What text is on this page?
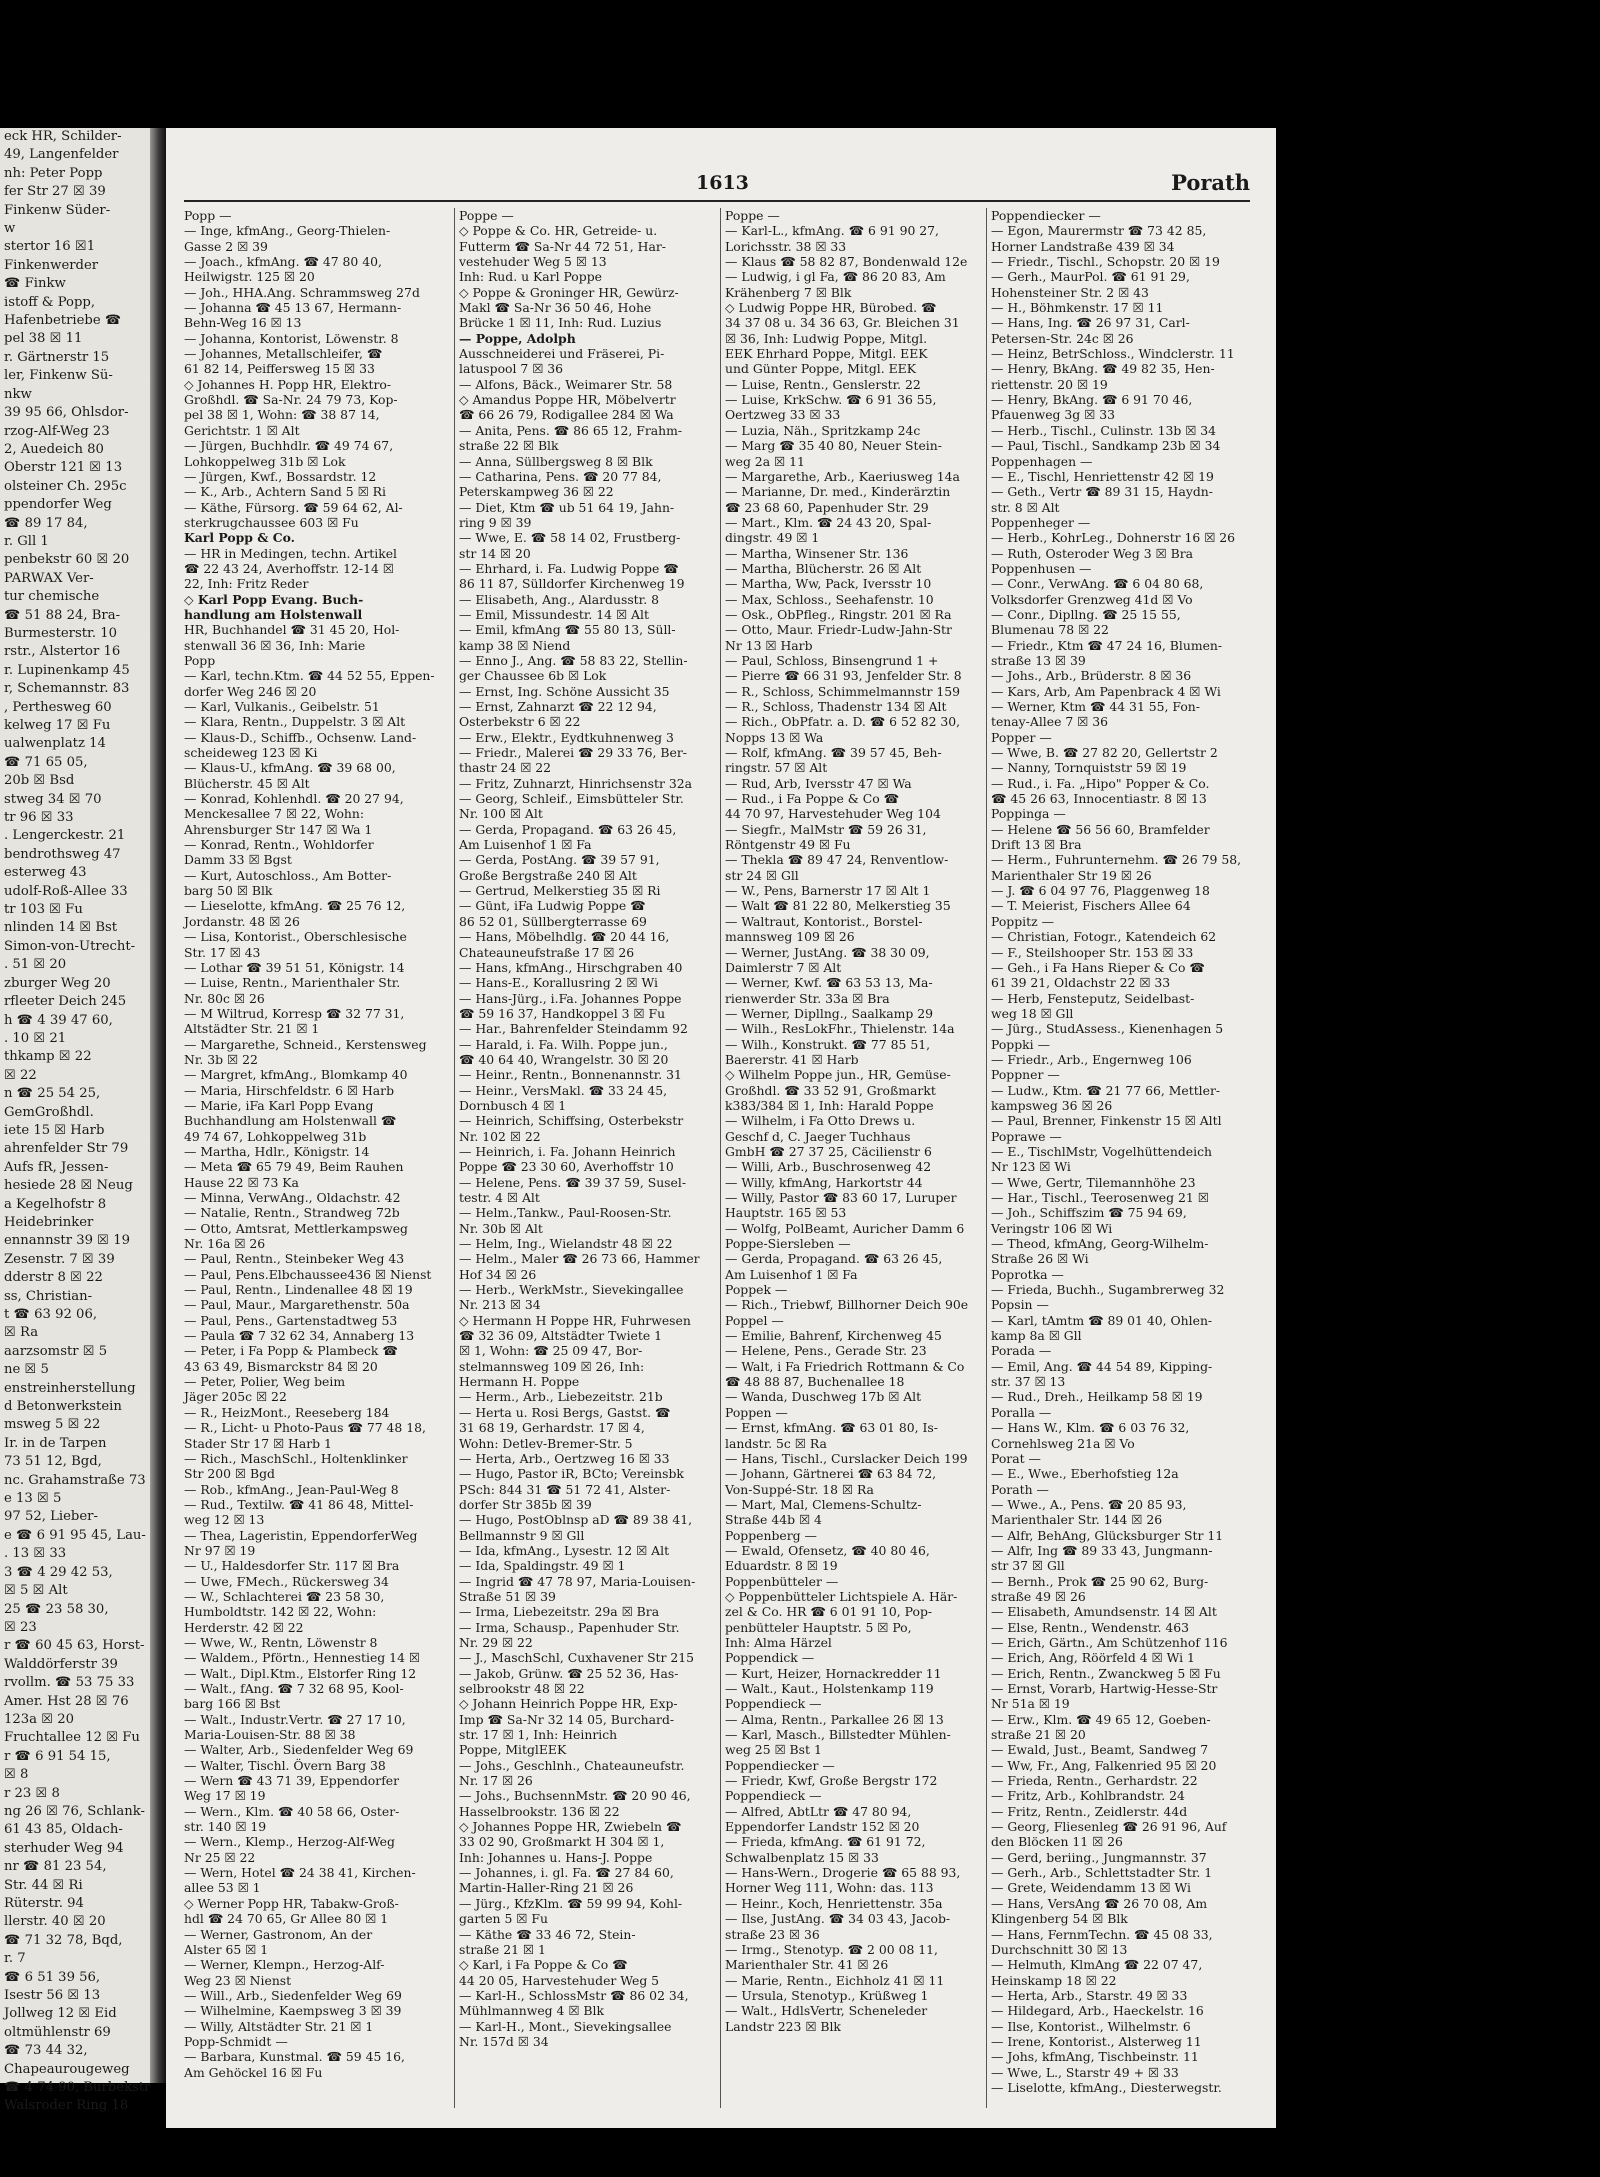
eck HR, Schilder-
49, Langenfelder
nh: Peter Popp
fer Str 27 ☒ 39
Finkenw Süder-
w
stertor 16 ☒1
Finkenwerder
☎ Finkw
istoff & Popp,
Hafenbetriebe ☎
pel 38 ☒ 11
r. Gärtnerstr 15
ler, Finkenw Sü-
nkw
39 95 66, Ohlsdor-
rzog-Alf-Weg 23
2, Auedeich 80
Oberstr 121 ☒ 13
olsteiner Ch. 295c
ppendorfer Weg
☎ 89 17 84,
r. Gll 1
penbekstr 60 ☒ 20
PARWAX Ver-
tur chemische
☎ 51 88 24, Bra-
Burmesterstr. 10
rstr., Alstertor 16
r. Lupinenkamp 45
r, Schemannstr. 83
, Perthesweg 60
kelweg 17 ☒ Fu
ualwenplatz 14
☎ 71 65 05,
20b ☒ Bsd
stweg 34 ☒ 70
tr 96 ☒ 33
. Lengerckestr. 21
bendrothsweg 47
esterweg 43
udolf-Roß-Allee 33
tr 103 ☒ Fu
nlinden 14 ☒ Bst
Simon-von-Utrecht-
. 51 ☒ 20
zburger Weg 20
rfleeter Deich 245
h ☎ 4 39 47 60,
. 10 ☒ 21
thkamp ☒ 22
☒ 22
n ☎ 25 54 25,
GemGroßhdl.
iete 15 ☒ Harb
ahrenfelder Str 79
Aufs fR, Jessen-
hesiede 28 ☒ Neug
a Kegelhofstr 8
Heidebrinker
ennannstr 39 ☒ 19
Zesenstr. 7 ☒ 39
dderstr 8 ☒ 22
ss, Christian-
t ☎ 63 92 06,
☒ Ra
aarzsomstr ☒ 5
ne ☒ 5
enstreinherstellung
d Betonwerkstein
msweg 5 ☒ 22
Ir. in de Tarpen
73 51 12, Bgd,
nc. Grahamstraße 73
e 13 ☒ 5
97 52, Lieber-
e ☎ 6 91 95 45, Lau-
. 13 ☒ 33
3 ☎ 4 29 42 53,
☒ 5 ☒ Alt
25 ☎ 23 58 30,
☒ 23
r ☎ 60 45 63, Horst-
Walddörferstr 39
rvollm. ☎ 53 75 33
Amer. Hst 28 ☒ 76
123a ☒ 20
Fruchtallee 12 ☒ Fu
r ☎ 6 91 54 15,
☒ 8
r 23 ☒ 8
ng 26 ☒ 76, Schlank-
61 43 85, Oldach-
sterhuder Weg 94
nr ☎ 81 23 54,
Str. 44 ☒ Ri
Rüterstr. 94
llerstr. 40 ☒ 20
☎ 71 32 78, Bqd,
r. 7
☎ 6 51 39 56,
Isestr 56 ☒ 13
Jollweg 12 ☒ Eid
oltmühlenstr 69
☎ 73 44 32,
Chapeaurougeweg
☎ 4 74 90, Burbekstr
Walsroder Ring 18
1613	Porath
Popp —
— Inge, kfmAng., Georg-Thielen-
Gasse 2 ☒ 39
— Joach., kfmAng. ☎ 47 80 40,
Heilwigstr. 125 ☒ 20
— Joh., HHA.Ang. Schrammsweg 27d
— Johanna ☎ 45 13 67, Hermann-
Behn-Weg 16 ☒ 13
— Johanna, Kontorist, Löwenstr. 8
— Johannes, Metallschleifer, ☎
61 82 14, Peiffersweg 15 ☒ 33
◇ Johannes H. Popp HR, Elektro-
Großhdl. ☎ Sa-Nr. 24 79 73, Kop-
pel 38 ☒ 1, Wohn: ☎ 38 87 14,
Gerichtstr. 1 ☒ Alt
— Jürgen, Buchhdlr. ☎ 49 74 67,
Lohkoppelweg 31b ☒ Lok
— Jürgen, Kwf., Bossardstr. 12
— K., Arb., Achtern Sand 5 ☒ Ri
— Käthe, Fürsorg. ☎ 59 64 62, Al-
sterkrugchaussee 603 ☒ Fu
Karl Popp & Co.
— HR in Medingen, techn. Artikel
☎ 22 43 24, Averhoffstr. 12-14 ☒
22, Inh: Fritz Reder
◇ Karl Popp Evang. Buch-
handlung am Holstenwall
HR, Buchhandel ☎ 31 45 20, Hol-
stenwall 36 ☒ 36, Inh: Marie
Popp
— Karl, techn.Ktm. ☎ 44 52 55, Eppen-
dorfer Weg 246 ☒ 20
— Karl, Vulkanis., Geibelstr. 51
— Klara, Rentn., Duppelstr. 3 ☒ Alt
— Klaus-D., Schiffb., Ochsenw. Land-
scheideweg 123 ☒ Ki
— Klaus-U., kfmAng. ☎ 39 68 00,
Blücherstr. 45 ☒ Alt
— Konrad, Kohlenhdl. ☎ 20 27 94,
Menckesallee 7 ☒ 22, Wohn:
Ahrensburger Str 147 ☒ Wa 1
— Konrad, Rentn., Wohldorfer
Damm 33 ☒ Bgst
— Kurt, Autoschloss., Am Botter-
barg 50 ☒ Blk
— Lieselotte, kfmAng. ☎ 25 76 12,
Jordanstr. 48 ☒ 26
— Lisa, Kontorist., Oberschlesische
Str. 17 ☒ 43
— Lothar ☎ 39 51 51, Königstr. 14
— Luise, Rentn., Marienthaler Str.
Nr. 80c ☒ 26
— M Wiltrud, Korresp ☎ 32 77 31,
Altstädter Str. 21 ☒ 1
— Margarethe, Schneid., Kerstensweg
Nr. 3b ☒ 22
— Margret, kfmAng., Blomkamp 40
— Maria, Hirschfeldstr. 6 ☒ Harb
— Marie, iFa Karl Popp Evang
Buchhandlung am Holstenwall ☎
49 74 67, Lohkoppelweg 31b
— Martha, Hdlr., Königstr. 14
— Meta ☎ 65 79 49, Beim Rauhen
Hause 22 ☒ 73 Ka
— Minna, VerwAng., Oldachstr. 42
— Natalie, Rentn., Strandweg 72b
— Otto, Amtsrat, Mettlerkampsweg
Nr. 16a ☒ 26
— Paul, Rentn., Steinbeker Weg 43
— Paul, Pens.Elbchaussee436 ☒ Nienst
— Paul, Rentn., Lindenallee 48 ☒ 19
— Paul, Maur., Margarethenstr. 50a
— Paul, Pens., Gartenstadtweg 53
— Paula ☎ 7 32 62 34, Annaberg 13
— Peter, i Fa Popp & Plambeck ☎
43 63 49, Bismarckstr 84 ☒ 20
— Peter, Polier, Weg beim
Jäger 205c ☒ 22
— R., HeizMont., Reeseberg 184
— R., Licht- u Photo-Paus ☎ 77 48 18,
Stader Str 17 ☒ Harb 1
— Rich., MaschSchl., Holtenklinker
Str 200 ☒ Bgd
— Rob., kfmAng., Jean-Paul-Weg 8
— Rud., Textilw. ☎ 41 86 48, Mittel-
weg 12 ☒ 13
— Thea, Lageristin, EppendorferWeg
Nr 97 ☒ 19
— U., Haldesdorfer Str. 117 ☒ Bra
— Uwe, FMech., Rückersweg 34
— W., Schlachterei ☎ 23 58 30,
Humboldtstr. 142 ☒ 22, Wohn:
Herderstr. 42 ☒ 22
— Wwe, W., Rentn, Löwenstr 8
— Waldem., Pförtn., Hennestieg 14 ☒
— Walt., Dipl.Ktm., Elstorfer Ring 12
— Walt., fAng. ☎ 7 32 68 95, Kool-
barg 166 ☒ Bst
— Walt., Industr.Vertr. ☎ 27 17 10,
Maria-Louisen-Str. 88 ☒ 38
— Walter, Arb., Siedenfelder Weg 69
— Walter, Tischl. Övern Barg 38
— Wern ☎ 43 71 39, Eppendorfer
Weg 17 ☒ 19
— Wern., Klm. ☎ 40 58 66, Oster-
str. 140 ☒ 19
— Wern., Klemp., Herzog-Alf-Weg
Nr 25 ☒ 22
— Wern, Hotel ☎ 24 38 41, Kirchen-
allee 53 ☒ 1
◇ Werner Popp HR, Tabakw-Groß-
hdl ☎ 24 70 65, Gr Allee 80 ☒ 1
— Werner, Gastronom, An der
Alster 65 ☒ 1
— Werner, Klempn., Herzog-Alf-
Weg 23 ☒ Nienst
— Will., Arb., Siedenfelder Weg 69
— Wilhelmine, Kaempsweg 3 ☒ 39
— Willy, Altstädter Str. 21 ☒ 1
Popp-Schmidt —
— Barbara, Kunstmal. ☎ 59 45 16,
Am Gehöckel 16 ☒ Fu
Poppe —
◇ Poppe & Co. HR, Getreide- u.
Futterm ☎ Sa-Nr 44 72 51, Har-
vestehuder Weg 5 ☒ 13
Inh: Rud. u Karl Poppe
◇ Poppe & Groninger HR, Gewürz-
Makl ☎ Sa-Nr 36 50 46, Hohe
Brücke 1 ☒ 11, Inh: Rud. Luzius
— Poppe, Adolph
Ausschneiderei und Fräserei, Pi-
latuspool 7 ☒ 36
— Alfons, Bäck., Weimarer Str. 58
◇ Amandus Poppe HR, Möbelvertr
☎ 66 26 79, Rodigallee 284 ☒ Wa
— Anita, Pens. ☎ 86 65 12, Frahm-
straße 22 ☒ Blk
— Anna, Süllbergsweg 8 ☒ Blk
— Catharina, Pens. ☎ 20 77 84,
Peterskampweg 36 ☒ 22
— Diet, Ktm ☎ ub 51 64 19, Jahn-
ring 9 ☒ 39
— Wwe, E. ☎ 58 14 02, Frustberg-
str 14 ☒ 20
— Ehrhard, i. Fa. Ludwig Poppe ☎
86 11 87, Sülldorfer Kirchenweg 19
— Elisabeth, Ang., Alardusstr. 8
— Emil, Missundestr. 14 ☒ Alt
— Emil, kfmAng ☎ 55 80 13, Süll-
kamp 38 ☒ Niend
— Enno J., Ang. ☎ 58 83 22, Stellin-
ger Chaussee 6b ☒ Lok
— Ernst, Ing. Schöne Aussicht 35
— Ernst, Zahnarzt ☎ 22 12 94,
Osterbekstr 6 ☒ 22
— Erw., Elektr., Eydtkuhnenweg 3
— Friedr., Malerei ☎ 29 33 76, Ber-
thastr 24 ☒ 22
— Fritz, Zuhnarzt, Hinrichsenstr 32a
— Georg, Schleif., Eimsbütteler Str.
Nr. 100 ☒ Alt
— Gerda, Propagand. ☎ 63 26 45,
Am Luisenhof 1 ☒ Fa
— Gerda, PostAng. ☎ 39 57 91,
Große Bergstraße 240 ☒ Alt
— Gertrud, Melkerstieg 35 ☒ Ri
— Günt, iFa Ludwig Poppe ☎
86 52 01, Süllbergterrasse 69
— Hans, Möbelhdlg. ☎ 20 44 16,
Chateauneufstraße 17 ☒ 26
— Hans, kfmAng., Hirschgraben 40
— Hans-E., Korallusring 2 ☒ Wi
— Hans-Jürg., i.Fa. Johannes Poppe
☎ 59 16 37, Handkoppel 3 ☒ Fu
— Har., Bahrenfelder Steindamm 92
— Harald, i. Fa. Wilh. Poppe jun.,
☎ 40 64 40, Wrangelstr. 30 ☒ 20
— Heinr., Rentn., Bonnenannstr. 31
— Heinr., VersMakl. ☎ 33 24 45,
Dornbusch 4 ☒ 1
— Heinrich, Schiffsing, Osterbekstr
Nr. 102 ☒ 22
— Heinrich, i. Fa. Johann Heinrich
Poppe ☎ 23 30 60, Averhoffstr 10
— Helene, Pens. ☎ 39 37 59, Susel-
testr. 4 ☒ Alt
— Helm.,Tankw., Paul-Roosen-Str.
Nr. 30b ☒ Alt
— Helm, Ing., Wielandstr 48 ☒ 22
— Helm., Maler ☎ 26 73 66, Hammer
Hof 34 ☒ 26
— Herb., WerkMstr., Sievekingallee
Nr. 213 ☒ 34
◇ Hermann H Poppe HR, Fuhrwesen
☎ 32 36 09, Altstädter Twiete 1
☒ 1, Wohn: ☎ 25 09 47, Bor-
stelmannsweg 109 ☒ 26, Inh:
Hermann H. Poppe
— Herm., Arb., Liebezeitstr. 21b
— Herta u. Rosi Bergs, Gastst. ☎
31 68 19, Gerhardstr. 17 ☒ 4,
Wohn: Detlev-Bremer-Str. 5
— Herta, Arb., Oertzweg 16 ☒ 33
— Hugo, Pastor iR, BCto; Vereinsbk
PSch: 844 31 ☎ 51 72 41, Alster-
dorfer Str 385b ☒ 39
— Hugo, PostOblnsp aD ☎ 89 38 41,
Bellmannstr 9 ☒ Gll
— Ida, kfmAng., Lysestr. 12 ☒ Alt
— Ida, Spaldingstr. 49 ☒ 1
— Ingrid ☎ 47 78 97, Maria-Louisen-
Straße 51 ☒ 39
— Irma, Liebezeitstr. 29a ☒ Bra
— Irma, Schausp., Papenhuder Str.
Nr. 29 ☒ 22
— J., MaschSchl, Cuxhavener Str 215
— Jakob, Grünw. ☎ 25 52 36, Has-
selbrookstr 48 ☒ 22
◇ Johann Heinrich Poppe HR, Exp-
Imp ☎ Sa-Nr 32 14 05, Burchard-
str. 17 ☒ 1, Inh: Heinrich
Poppe, MitglEEK
— Johs., Geschlnh., Chateauneufstr.
Nr. 17 ☒ 26
— Johs., BuchsennMstr. ☎ 20 90 46,
Hasselbrookstr. 136 ☒ 22
◇ Johannes Poppe HR, Zwiebeln ☎
33 02 90, Großmarkt H 304 ☒ 1,
Inh: Johannes u. Hans-J. Poppe
— Johannes, i. gl. Fa. ☎ 27 84 60,
Martin-Haller-Ring 21 ☒ 26
— Jürg., KfzKlm. ☎ 59 99 94, Kohl-
garten 5 ☒ Fu
— Käthe ☎ 33 46 72, Stein-
straße 21 ☒ 1
◇ Karl, i Fa Poppe & Co ☎
44 20 05, Harvestehuder Weg 5
— Karl-H., SchlossMstr ☎ 86 02 34,
Mühlmannweg 4 ☒ Blk
— Karl-H., Mont., Sievekingsallee
Nr. 157d ☒ 34
Poppe —
— Karl-L., kfmAng. ☎ 6 91 90 27,
Lorichsstr. 38 ☒ 33
— Klaus ☎ 58 82 87, Bondenwald 12e
— Ludwig, i gl Fa, ☎ 86 20 83, Am
Krähenberg 7 ☒ Blk
◇ Ludwig Poppe HR, Bürobed. ☎
34 37 08 u. 34 36 63, Gr. Bleichen 31
☒ 36, Inh: Ludwig Poppe, Mitgl.
EEK Ehrhard Poppe, Mitgl. EEK
und Günter Poppe, Mitgl. EEK
— Luise, Rentn., Genslerstr. 22
— Luise, KrkSchw. ☎ 6 91 36 55,
Oertzweg 33 ☒ 33
— Luzia, Näh., Spritzkamp 24c
— Marg ☎ 35 40 80, Neuer Stein-
weg 2a ☒ 11
— Margarethe, Arb., Kaeriusweg 14a
— Marianne, Dr. med., Kinderärztin
☎ 23 68 60, Papenhuder Str. 29
— Mart., Klm. ☎ 24 43 20, Spal-
dingstr. 49 ☒ 1
— Martha, Winsener Str. 136
— Martha, Blücherstr. 26 ☒ Alt
— Martha, Ww, Pack, Iversstr 10
— Max, Schloss., Seehafenstr. 10
— Osk., ObPfleg., Ringstr. 201 ☒ Ra
— Otto, Maur. Friedr-Ludw-Jahn-Str
Nr 13 ☒ Harb
— Paul, Schloss, Binsengrund 1 +
— Pierre ☎ 66 31 93, Jenfelder Str. 8
— R., Schloss, Schimmelmannstr 159
— R., Schloss, Thadenstr 134 ☒ Alt
— Rich., ObPfatr. a. D. ☎ 6 52 82 30,
Nopps 13 ☒ Wa
— Rolf, kfmAng. ☎ 39 57 45, Beh-
ringstr. 57 ☒ Alt
— Rud, Arb, Iversstr 47 ☒ Wa
— Rud., i Fa Poppe & Co ☎
44 70 97, Harvestehuder Weg 104
— Siegfr., MalMstr ☎ 59 26 31,
Röntgenstr 49 ☒ Fu
— Thekla ☎ 89 47 24, Renventlow-
str 24 ☒ Gll
— W., Pens, Barnerstr 17 ☒ Alt 1
— Walt ☎ 81 22 80, Melkerstieg 35
— Waltraut, Kontorist., Borstel-
mannsweg 109 ☒ 26
— Werner, JustAng. ☎ 38 30 09,
Daimlerstr 7 ☒ Alt
— Werner, Kwf. ☎ 63 53 13, Ma-
rienwerder Str. 33a ☒ Bra
— Werner, Dipllng., Saalkamp 29
— Wilh., ResLokFhr., Thielenstr. 14a
— Wilh., Konstrukt. ☎ 77 85 51,
Baererstr. 41 ☒ Harb
◇ Wilhelm Poppe jun., HR, Gemüse-
Großhdl. ☎ 33 52 91, Großmarkt
k383/384 ☒ 1, Inh: Harald Poppe
— Wilhelm, i Fa Otto Drews u.
Geschf d, C. Jaeger Tuchhaus
GmbH ☎ 27 37 25, Cäcilienstr 6
— Willi, Arb., Buschrosenweg 42
— Willy, kfmAng, Harkortstr 44
— Willy, Pastor ☎ 83 60 17, Luruper
Hauptstr. 165 ☒ 53
— Wolfg, PolBeamt, Auricher Damm 6
Poppe-Siersleben —
— Gerda, Propagand. ☎ 63 26 45,
Am Luisenhof 1 ☒ Fa
Poppek —
— Rich., Triebwf, Billhorner Deich 90e
Poppel —
— Emilie, Bahrenf, Kirchenweg 45
— Helene, Pens., Gerade Str. 23
— Walt, i Fa Friedrich Rottmann & Co
☎ 48 88 87, Buchenallee 18
— Wanda, Duschweg 17b ☒ Alt
Poppen —
— Ernst, kfmAng. ☎ 63 01 80, Is-
landstr. 5c ☒ Ra
— Hans, Tischl., Curslacker Deich 199
— Johann, Gärtnerei ☎ 63 84 72,
Von-Suppé-Str. 18 ☒ Ra
— Mart, Mal, Clemens-Schultz-
Straße 44b ☒ 4
Poppenberg —
— Ewald, Ofensetz, ☎ 40 80 46,
Eduardstr. 8 ☒ 19
Poppenbütteler —
◇ Poppenbütteler Lichtspiele A. Här-
zel & Co. HR ☎ 6 01 91 10, Pop-
penbütteler Hauptstr. 5 ☒ Po,
Inh: Alma Härzel
Poppendick —
— Kurt, Heizer, Hornackredder 11
— Walt., Kaut., Holstenkamp 119
Poppendieck —
— Alma, Rentn., Parkallee 26 ☒ 13
— Karl, Masch., Billstedter Mühlen-
weg 25 ☒ Bst 1
Poppendiecker —
— Friedr, Kwf, Große Bergstr 172
Poppendieck —
— Alfred, AbtLtr ☎ 47 80 94,
Eppendorfer Landstr 152 ☒ 20
— Frieda, kfmAng. ☎ 61 91 72,
Schwalbenplatz 15 ☒ 33
— Hans-Wern., Drogerie ☎ 65 88 93,
Horner Weg 111, Wohn: das. 113
— Heinr., Koch, Henriettenstr. 35a
— Ilse, JustAng. ☎ 34 03 43, Jacob-
straße 23 ☒ 36
— Irmg., Stenotyp. ☎ 2 00 08 11,
Marienthaler Str. 41 ☒ 26
— Marie, Rentn., Eichholz 41 ☒ 11
— Ursula, Stenotyp., Krüßweg 1
— Walt., HdlsVertr, Scheneleder
Landstr 223 ☒ Blk
Poppendiecker —
— Egon, Maurermstr ☎ 73 42 85,
Horner Landstraße 439 ☒ 34
— Friedr., Tischl., Schopstr. 20 ☒ 19
— Gerh., MaurPol. ☎ 61 91 29,
Hohensteiner Str. 2 ☒ 43
— H., Böhmkenstr. 17 ☒ 11
— Hans, Ing. ☎ 26 97 31, Carl-
Petersen-Str. 24c ☒ 26
— Heinz, BetrSchloss., Windclerstr. 11
— Henry, BkAng. ☎ 49 82 35, Hen-
riettenstr. 20 ☒ 19
— Henry, BkAng. ☎ 6 91 70 46,
Pfauenweg 3g ☒ 33
— Herb., Tischl., Culinstr. 13b ☒ 34
— Paul, Tischl., Sandkamp 23b ☒ 34
Poppenhagen —
— E., Tischl, Henriettenstr 42 ☒ 19
— Geth., Vertr ☎ 89 31 15, Haydn-
str. 8 ☒ Alt
Poppenheger —
— Herb., KohrLeg., Dohnerstr 16 ☒ 26
— Ruth, Osteroder Weg 3 ☒ Bra
Poppenhusen —
— Conr., VerwAng. ☎ 6 04 80 68,
Volksdorfer Grenzweg 41d ☒ Vo
— Conr., Dipllng. ☎ 25 15 55,
Blumenau 78 ☒ 22
— Friedr., Ktm ☎ 47 24 16, Blumen-
straße 13 ☒ 39
— Johs., Arb., Brüderstr. 8 ☒ 36
— Kars, Arb, Am Papenbrack 4 ☒ Wi
— Werner, Ktm ☎ 44 31 55, Fon-
tenay-Allee 7 ☒ 36
Popper —
— Wwe, B. ☎ 27 82 20, Gellertstr 2
— Nanny, Tornquiststr 59 ☒ 19
— Rud., i. Fa. „Hipo" Popper & Co.
☎ 45 26 63, Innocentiastr. 8 ☒ 13
Poppinga —
— Helene ☎ 56 56 60, Bramfelder
Drift 13 ☒ Bra
— Herm., Fuhrunternehm. ☎ 26 79 58,
Marienthaler Str 19 ☒ 26
— J. ☎ 6 04 97 76, Plaggenweg 18
— T. Meierist, Fischers Allee 64
Poppitz —
— Christian, Fotogr., Katendeich 62
— F., Steilshooper Str. 153 ☒ 33
— Geh., i Fa Hans Rieper & Co ☎
61 39 21, Oldachstr 22 ☒ 33
— Herb, Fensteputz, Seidelbast-
weg 18 ☒ Gll
— Jürg., StudAssess., Kienenhagen 5
Poppki —
— Friedr., Arb., Engernweg 106
Poppner —
— Ludw., Ktm. ☎ 21 77 66, Mettler-
kampsweg 36 ☒ 26
— Paul, Brenner, Finkenstr 15 ☒ Altl
Poprawe —
— E., TischlMstr, Vogelhüttendeich
Nr 123 ☒ Wi
— Wwe, Gertr, Tilemannhöhe 23
— Har., Tischl., Teerosenweg 21 ☒
— Joh., Schiffszim ☎ 75 94 69,
Veringstr 106 ☒ Wi
— Theod, kfmAng, Georg-Wilhelm-
Straße 26 ☒ Wi
Poprotka —
— Frieda, Buchh., Sugambrerweg 32
Popsin —
— Karl, tAmtm ☎ 89 01 40, Ohlen-
kamp 8a ☒ Gll
Porada —
— Emil, Ang. ☎ 44 54 89, Kipping-
str. 37 ☒ 13
— Rud., Dreh., Heilkamp 58 ☒ 19
Poralla —
— Hans W., Klm. ☎ 6 03 76 32,
Cornehlsweg 21a ☒ Vo
Porat —
— E., Wwe., Eberhofstieg 12a
Porath —
— Wwe., A., Pens. ☎ 20 85 93,
Marienthaler Str. 144 ☒ 26
— Alfr, BehAng, Glücksburger Str 11
— Alfr, Ing ☎ 89 33 43, Jungmann-
str 37 ☒ Gll
— Bernh., Prok ☎ 25 90 62, Burg-
straße 49 ☒ 26
— Elisabeth, Amundsenstr. 14 ☒ Alt
— Else, Rentn., Wendenstr. 463
— Erich, Gärtn., Am Schützenhof 116
— Erich, Ang, Röörfeld 4 ☒ Wi 1
— Erich, Rentn., Zwanckweg 5 ☒ Fu
— Ernst, Vorarb, Hartwig-Hesse-Str
Nr 51a ☒ 19
— Erw., Klm. ☎ 49 65 12, Goeben-
straße 21 ☒ 20
— Ewald, Just., Beamt, Sandweg 7
— Ww, Fr., Ang, Falkenried 95 ☒ 20
— Frieda, Rentn., Gerhardstr. 22
— Fritz, Arb., Kohlbrandstr. 24
— Fritz, Rentn., Zeidlerstr. 44d
— Georg, Fliesenleg ☎ 26 91 96, Auf
den Blöcken 11 ☒ 26
— Gerd, beriing., Jungmannstr. 37
— Gerh., Arb., Schlettstadter Str. 1
— Grete, Weidendamm 13 ☒ Wi
— Hans, VersAng ☎ 26 70 08, Am
Klingenberg 54 ☒ Blk
— Hans, FernmTechn. ☎ 45 08 33,
Durchschnitt 30 ☒ 13
— Helmuth, KlmAng ☎ 22 07 47,
Heinskamp 18 ☒ 22
— Herta, Arb., Starstr. 49 ☒ 33
— Hildegard, Arb., Haeckelstr. 16
— Ilse, Kontorist., Wilhelmstr. 6
— Irene, Kontorist., Alsterweg 11
— Johs, kfmAng, Tischbeinstr. 11
— Wwe, L., Starstr 49 + ☒ 33
— Liselotte, kfmAng., Diesterwegstr.
